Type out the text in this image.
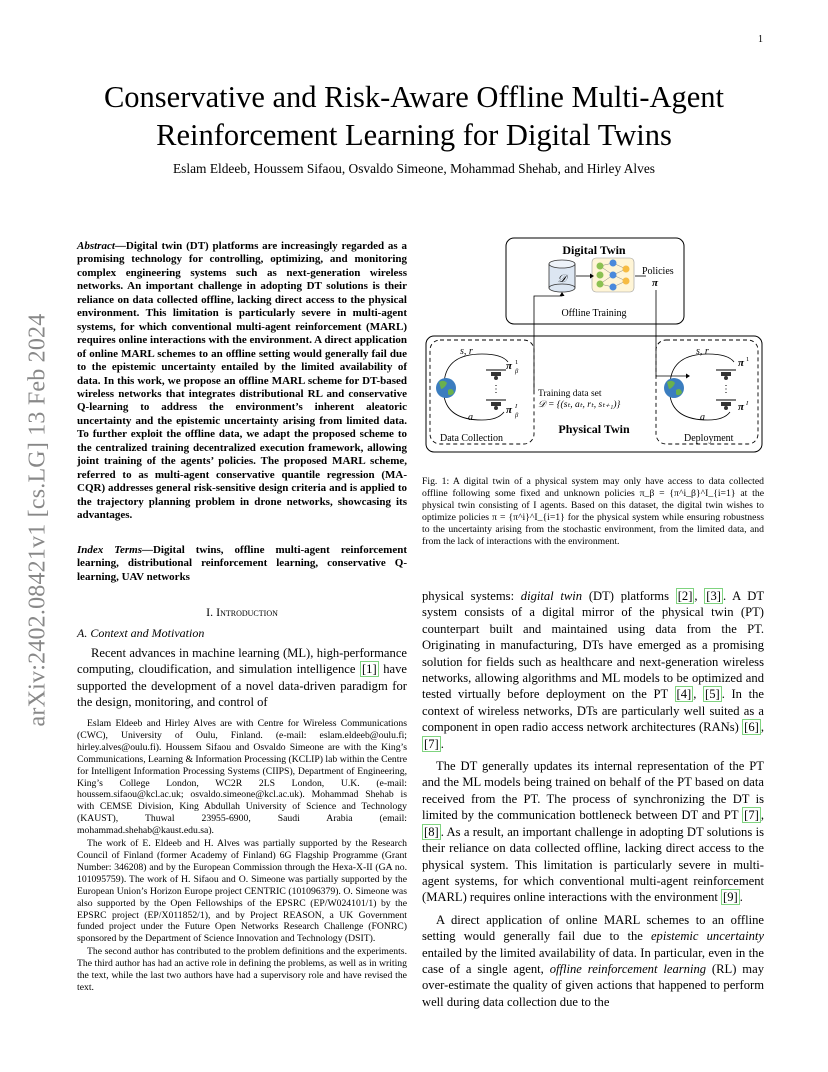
1
arXiv:2402.08421v1 [cs.LG] 13 Feb 2024
Conservative and Risk-Aware Offline Multi-Agent
Reinforcement Learning for Digital Twins
Eslam Eldeeb, Houssem Sifaou, Osvaldo Simeone, Mohammad Shehab, and Hirley Alves

Abstract—Digital twin (DT) platforms are increasingly regarded as a promising technology for controlling, optimizing, and monitoring complex engineering systems such as next-generation wireless networks. An important challenge in adopting DT solutions is their reliance on data collected offline, lacking direct access to the physical environment. This limitation is particularly severe in multi-agent systems, for which conventional multi-agent reinforcement (MARL) requires online interactions with the environment. A direct application of online MARL schemes to an offline setting would generally fail due to the epistemic uncertainty entailed by the limited availability of data. In this work, we propose an offline MARL scheme for DT-based wireless networks that integrates distributional RL and conservative Q-learning to address the environment’s inherent aleatoric uncertainty and the epistemic uncertainty arising from limited data. To further exploit the offline data, we adapt the proposed scheme to the centralized training decentralized execution framework, allowing joint training of the agents’ policies. The proposed MARL scheme, referred to as multi-agent conservative quantile regression (MA-CQR) addresses general risk-sensitive design criteria and is applied to the trajectory planning problem in drone networks, showcasing its advantages.

Index Terms—Digital twins, offline multi-agent reinforcement learning, distributional reinforcement learning, conservative Q-learning, UAV networks

I. Introduction
A. Context and Motivation

Recent advances in machine learning (ML), high-performance computing, cloudification, and simulation intelligence [1] have supported the development of a novel data-driven paradigm for the design, monitoring, and control of

Eslam Eldeeb and Hirley Alves are with Centre for Wireless Communications (CWC), University of Oulu, Finland. (e-mail: eslam.eldeeb@oulu.fi; hirley.alves@oulu.fi). Houssem Sifaou and Osvaldo Simeone are with the King’s Communications, Learning & Information Processing (KCLIP) lab within the Centre for Intelligent Information Processing Systems (CIIPS), Department of Engineering, King’s College London, WC2R 2LS London, U.K. (e-mail: houssem.sifaou@kcl.ac.uk; osvaldo.simeone@kcl.ac.uk). Mohammad Shehab is with CEMSE Division, King Abdullah University of Science and Technology (KAUST), Thuwal 23955-6900, Saudi Arabia (email: mohammad.shehab@kaust.edu.sa).

The work of E. Eldeeb and H. Alves was partially supported by the Research Council of Finland (former Academy of Finland) 6G Flagship Programme (Grant Number: 346208) and by the European Commission through the Hexa-X-II (GA no. 101095759). The work of H. Sifaou and O. Simeone was partially supported by the European Union’s Horizon Europe project CENTRIC (101096379). O. Simeone was also supported by the Open Fellowships of the EPSRC (EP/W024101/1) by the EPSRC project (EP/X011852/1), and by Project REASON, a UK Government funded project under the Future Open Networks Research Challenge (FONRC) sponsored by the Department of Science Innovation and Technology (DSIT).

The second author has contributed to the problem definitions and the experiments. The third author has had an active role in defining the problems, as well as in writing the text, while the last two authors have had a supervisory role and have revised the text.

Digital Twin
𝒟
Policies
π
Offline Training
Physical Twin
Data Collection
s, r
a
⋮
π 1
β
π I
β
Training data set
𝒟 = {(sₜ, aₜ, rₜ, sₜ₊₁)}
Deployment
s, r
a
⋮
π 1
π I
Fig. 1: A digital twin of a physical system may only have access to data collected offline following some fixed and unknown policies π_β = {π^i_β}^I_{i=1} at the physical twin consisting of I agents. Based on this dataset, the digital twin wishes to optimize policies π = {π^i}^I_{i=1} for the physical system while ensuring robustness to the uncertainty arising from the stochastic environment, from the limited data, and from the lack of interactions with the environment.

physical systems: digital twin (DT) platforms [2] , [3] . A DT system consists of a digital mirror of the physical twin (PT) counterpart built and maintained using data from the PT. Originating in manufacturing, DTs have emerged as a promising solution for fields such as healthcare and next-generation wireless networks, allowing algorithms and ML models to be optimized and tested virtually before deployment on the PT [4] , [5] . In the context of wireless networks, DTs are particularly well suited as a component in open radio access network architectures (RANs) [6] , [7] .

The DT generally updates its internal representation of the PT and the ML models being trained on behalf of the PT based on data received from the PT. The process of synchronizing the DT is limited by the communication bottleneck between DT and PT [7] , [8] . As a result, an important challenge in adopting DT solutions is their reliance on data collected offline, lacking direct access to the physical system. This limitation is particularly severe in multi-agent systems, for which conventional multi-agent reinforcement (MARL) requires online interactions with the environment [9] .

A direct application of online MARL schemes to an offline setting would generally fail due to the epistemic uncertainty entailed by the limited availability of data. In particular, even in the case of a single agent, offline reinforcement learning (RL) may over-estimate the quality of given actions that happened to perform well during data collection due to the
